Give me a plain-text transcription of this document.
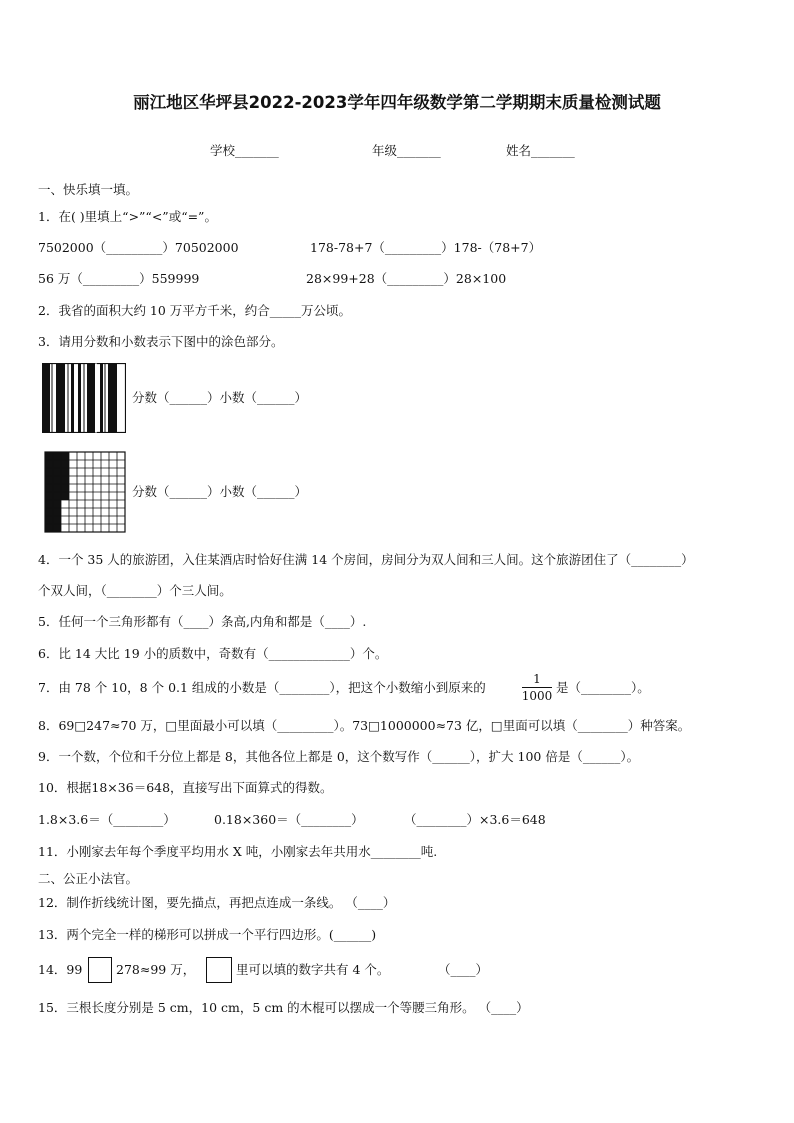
丽江地区华坪县2022-2023学年四年级数学第二学期期末质量检测试题
学校_______	年级_______	姓名_______
一、快乐填一填。
1．在( )里填上“>”“<”或“=”。
7502000（_________）70502000	178-78+7（_________）178-（78+7）
56 万（_________）559999	28×99+28（_________）28×100
2．我省的面积大约 10 万平方千米，约合_____万公顷。
3．请用分数和小数表示下图中的涂色部分。
分数（______）小数（______）
分数（______）小数（______）
4．一个 35 人的旅游团，入住某酒店时恰好住满 14 个房间，房间分为双人间和三人间。这个旅游团住了（________）
个双人间，（________）个三人间。
5．任何一个三角形都有（____）条高,内角和都是（____）.
6．比 14 大比 19 小的质数中，奇数有（_____________）个。
7．由 78 个 10，8 个 0.1 组成的小数是（________），把这个小数缩小到原来的
1
1000
是（________）。
8．69□247≈70 万，□里面最小可以填（_________）。73□1000000≈73 亿，□里面可以填（________）种答案。
9．一个数，个位和千分位上都是 8，其他各位上都是 0，这个数写作（______），扩大 100 倍是（______）。
10．根据18×36＝648，直接写出下面算式的得数。
1.8×3.6＝（________）	0.18×360＝（________）	（________）×3.6＝648
11．小刚家去年每个季度平均用水 X 吨，小刚家去年共用水________吨.
二、公正小法官。
12．制作折线统计图，要先描点，再把点连成一条线。 （____）
13．两个完全一样的梯形可以拼成一个平行四边形。(______)
14．99	278≈99 万，	里可以填的数字共有 4 个。	（____）
15．三根长度分别是 5 cm，10 cm，5 cm 的木棍可以摆成一个等腰三角形。 （____）
